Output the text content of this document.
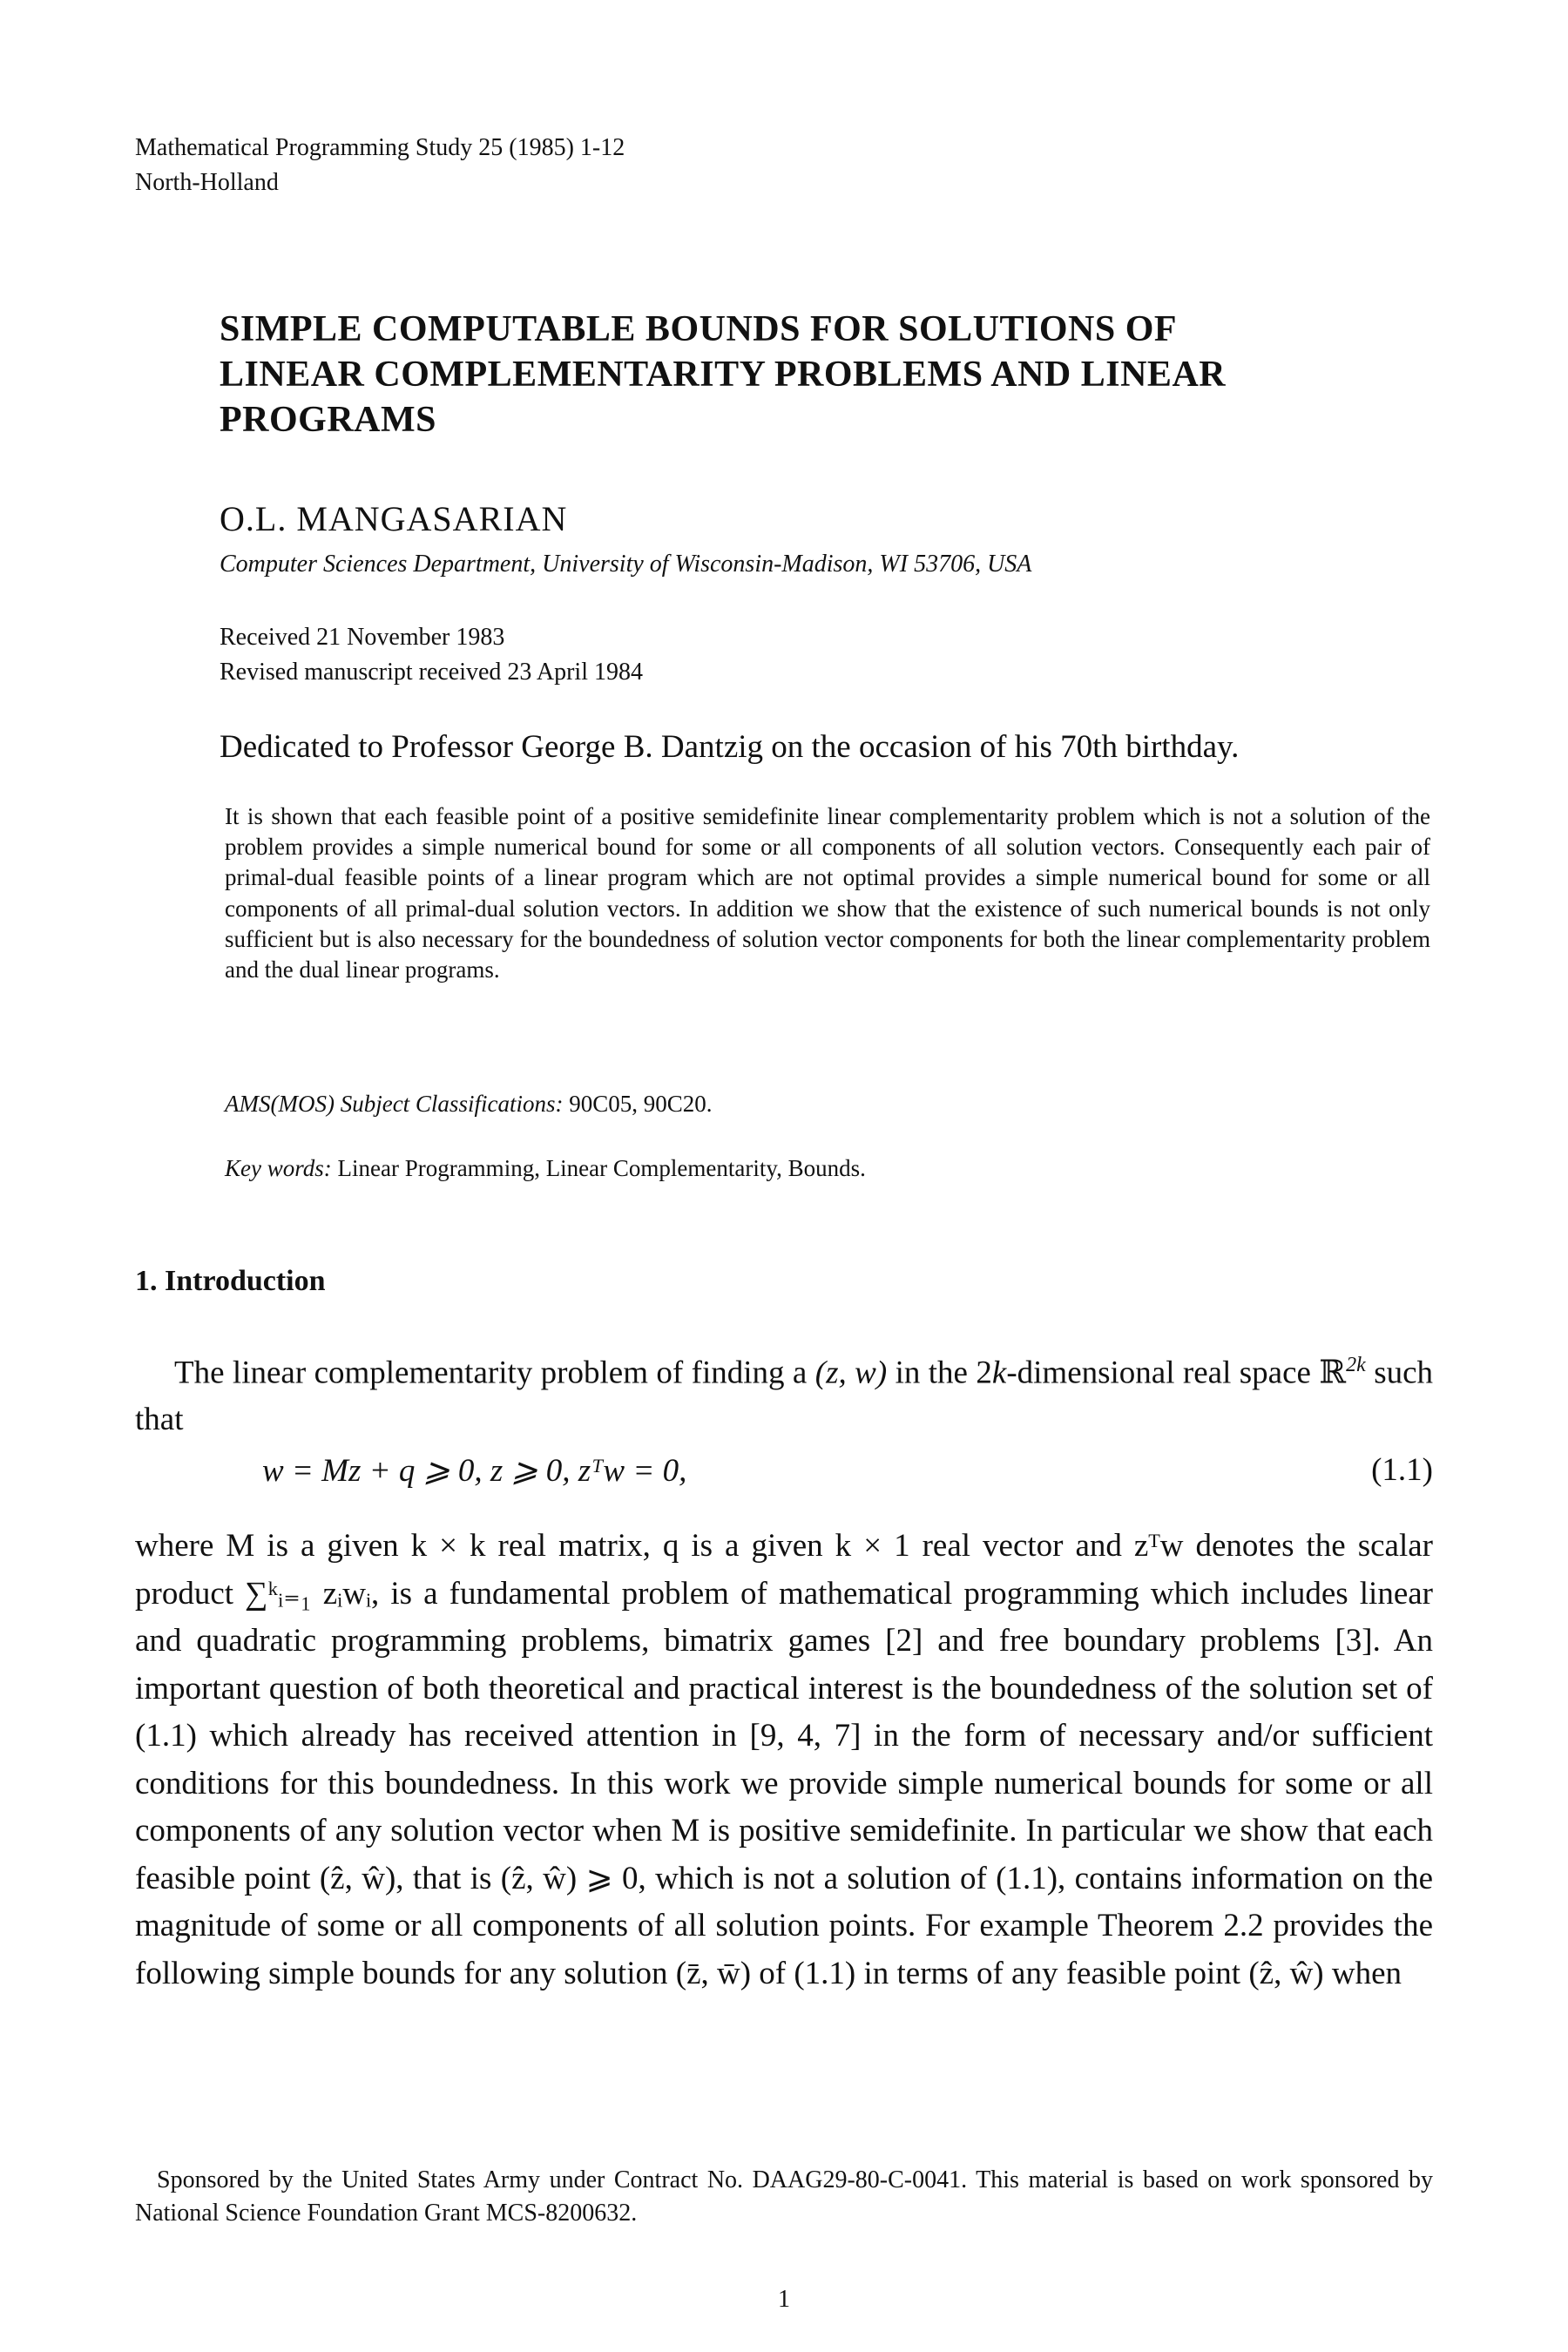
Mathematical Programming Study 25 (1985) 1-12
North-Holland
SIMPLE COMPUTABLE BOUNDS FOR SOLUTIONS OF
LINEAR COMPLEMENTARITY PROBLEMS AND LINEAR
PROGRAMS
O.L. MANGASARIAN
Computer Sciences Department, University of Wisconsin-Madison, WI 53706, USA
Received 21 November 1983
Revised manuscript received 23 April 1984
Dedicated to Professor George B. Dantzig on the occasion of his 70th birthday.
It is shown that each feasible point of a positive semidefinite linear complementarity problem which is not a solution of the problem provides a simple numerical bound for some or all components of all solution vectors. Consequently each pair of primal-dual feasible points of a linear program which are not optimal provides a simple numerical bound for some or all components of all primal-dual solution vectors. In addition we show that the existence of such numerical bounds is not only sufficient but is also necessary for the boundedness of solution vector components for both the linear complementarity problem and the dual linear programs.
AMS(MOS) Subject Classifications: 90C05, 90C20.
Key words: Linear Programming, Linear Complementarity, Bounds.
1. Introduction
The linear complementarity problem of finding a (z, w) in the 2k-dimensional real space ℝ$^{2k}$ such that
w = Mz + q ⩾ 0, z ⩾ 0, zᵀw = 0,	(1.1)
where M is a given k × k real matrix, q is a given k × 1 real vector and zᵀw denotes the scalar product ∑ᵏᵢ₌₁ zᵢwᵢ, is a fundamental problem of mathematical programming which includes linear and quadratic programming problems, bimatrix games [2] and free boundary problems [3]. An important question of both theoretical and practical interest is the boundedness of the solution set of (1.1) which already has received attention in [9, 4, 7] in the form of necessary and/or sufficient conditions for this boundedness. In this work we provide simple numerical bounds for some or all components of any solution vector when M is positive semidefinite. In particular we show that each feasible point (ẑ, ŵ), that is (ẑ, ŵ) ⩾ 0, which is not a solution of (1.1), contains information on the magnitude of some or all components of all solution points. For example Theorem 2.2 provides the following simple bounds for any solution (z̄, w̄) of (1.1) in terms of any feasible point (ẑ, ŵ) when
Sponsored by the United States Army under Contract No. DAAG29-80-C-0041. This material is based on work sponsored by National Science Foundation Grant MCS-8200632.
1
